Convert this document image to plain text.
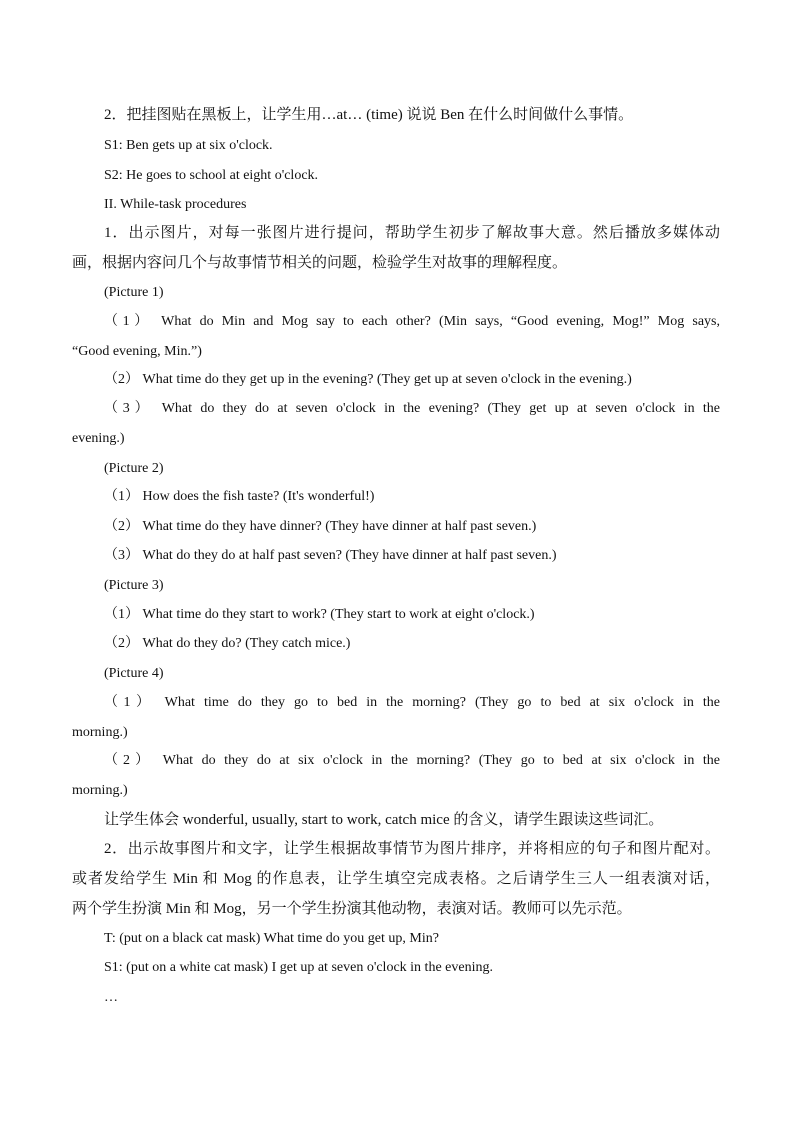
2．把挂图贴在黑板上，让学生用…at… (time) 说说 Ben 在什么时间做什么事情。
S1: Ben gets up at six o'clock.
S2: He goes to school at eight o'clock.
II. While-task procedures
1．出示图片，对每一张图片进行提问，帮助学生初步了解故事大意。然后播放多媒体动
画，根据内容问几个与故事情节相关的问题，检验学生对故事的理解程度。
(Picture 1)
（1） What do Min and Mog say to each other? (Min says, “Good evening, Mog!” Mog says,
“Good evening, Min.”)
（2） What time do they get up in the evening? (They get up at seven o'clock in the evening.)
（3） What do they do at seven o'clock in the evening? (They get up at seven o'clock in the
evening.)
(Picture 2)
（1） How does the fish taste? (It's wonderful!)
（2） What time do they have dinner? (They have dinner at half past seven.)
（3） What do they do at half past seven? (They have dinner at half past seven.)
(Picture 3)
（1） What time do they start to work? (They start to work at eight o'clock.)
（2） What do they do? (They catch mice.)
(Picture 4)
（1） What time do they go to bed in the morning? (They go to bed at six o'clock in the
morning.)
（2） What do they do at six o'clock in the morning? (They go to bed at six o'clock in the
morning.)
让学生体会 wonderful, usually, start to work, catch mice 的含义，请学生跟读这些词汇。
2．出示故事图片和文字，让学生根据故事情节为图片排序，并将相应的句子和图片配对。
或者发给学生 Min 和 Mog 的作息表，让学生填空完成表格。之后请学生三人一组表演对话，
两个学生扮演 Min 和 Mog，另一个学生扮演其他动物，表演对话。教师可以先示范。
T: (put on a black cat mask) What time do you get up, Min?
S1: (put on a white cat mask) I get up at seven o'clock in the evening.
…
